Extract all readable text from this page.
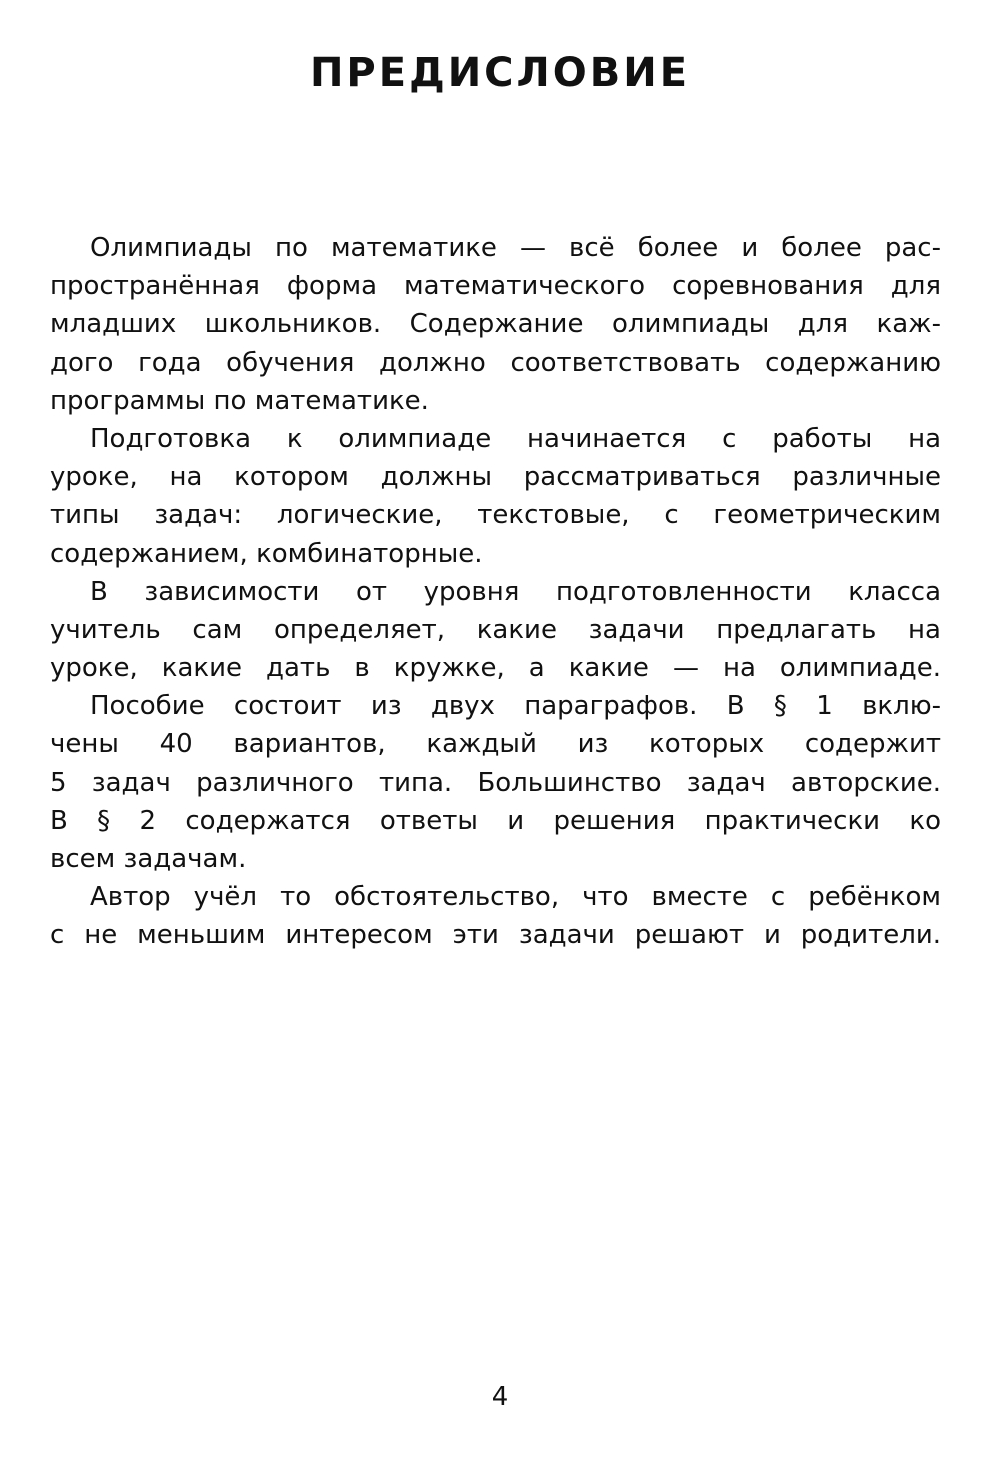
ПРЕДИСЛОВИЕ
Олимпиады по математике — всё более и более рас-
пространённая форма математического соревнования для
младших школьников. Содержание олимпиады для каж-
дого года обучения должно соответствовать содержанию
программы по математике.
Подготовка к олимпиаде начинается с работы на
уроке, на котором должны рассматриваться различные
типы задач: логические, текстовые, с геометрическим
содержанием, комбинаторные.
В зависимости от уровня подготовленности класса
учитель сам определяет, какие задачи предлагать на
уроке, какие дать в кружке, а какие — на олимпиаде.
Пособие состоит из двух параграфов. В § 1 вклю-
чены 40 вариантов, каждый из которых содержит
5 задач различного типа. Большинство задач авторские.
В § 2 содержатся ответы и решения практически ко
всем задачам.
Автор учёл то обстоятельство, что вместе с ребёнком
с не меньшим интересом эти задачи решают и родители.
4
